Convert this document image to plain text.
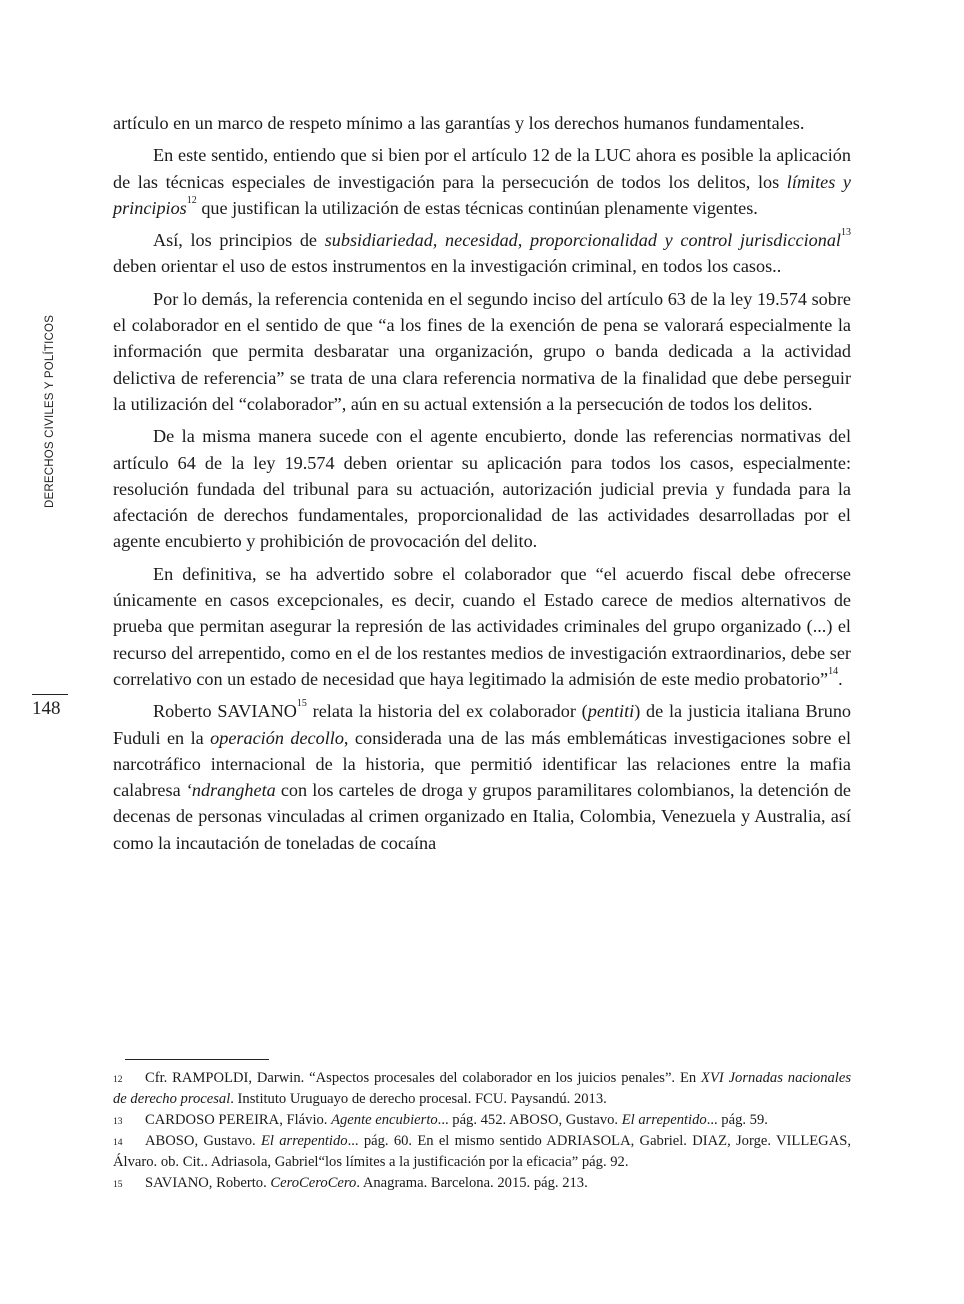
DERECHOS CIVILES Y POLÍTICOS
148

artículo en un marco de respeto mínimo a las garantías y los derechos humanos fundamentales.

En este sentido, entiendo que si bien por el artículo 12 de la LUC ahora es posible la aplicación de las técnicas especiales de investigación para la persecución de todos los delitos, los límites y principios$^{12}$ que justifican la utilización de estas técnicas continúan plenamente vigentes.

Así, los principios de subsidiariedad, necesidad, proporcionalidad y control jurisdiccional$^{13}$ deben orientar el uso de estos instrumentos en la investigación criminal, en todos los casos..

Por lo demás, la referencia contenida en el segundo inciso del artículo 63 de la ley 19.574 sobre el colaborador en el sentido de que “a los fines de la exención de pena se valorará especialmente la información que permita desbaratar una organización, grupo o banda dedicada a la actividad delictiva de referencia” se trata de una clara referencia normativa de la finalidad que debe perseguir la utilización del “colaborador”, aún en su actual extensión a la persecución de todos los delitos.

De la misma manera sucede con el agente encubierto, donde las referencias normativas del artículo 64 de la ley 19.574 deben orientar su aplicación para todos los casos, especialmente: resolución fundada del tribunal para su actuación, autorización judicial previa y fundada para la afectación de derechos fundamentales, proporcionalidad de las actividades desarrolladas por el agente encubierto y prohibición de provocación del delito.

En definitiva, se ha advertido sobre el colaborador que “el acuerdo fiscal debe ofrecerse únicamente en casos excepcionales, es decir, cuando el Estado carece de medios alternativos de prueba que permitan asegurar la represión de las actividades criminales del grupo organizado (...) el recurso del arrepentido, como en el de los restantes medios de investigación extraordinarios, debe ser correlativo con un estado de necesidad que haya legitimado la admisión de este medio probatorio”$^{14}$.

Roberto SAVIANO$^{15}$ relata la historia del ex colaborador (pentiti) de la justicia italiana Bruno Fuduli en la operación decollo, considerada una de las más emblemáticas investigaciones sobre el narcotráfico internacional de la historia, que permitió identificar las relaciones entre la mafia calabresa ‘ndrangheta con los carteles de droga y grupos paramilitares colombianos, la detención de decenas de personas vinculadas al crimen organizado en Italia, Colombia, Venezuela y Australia, así como la incautación de toneladas de cocaína

12 Cfr. RAMPOLDI, Darwin. “Aspectos procesales del colaborador en los juicios penales”. En XVI Jornadas nacionales de derecho procesal. Instituto Uruguayo de derecho procesal. FCU. Paysandú. 2013.

13 CARDOSO PEREIRA, Flávio. Agente encubierto... pág. 452. ABOSO, Gustavo. El arrepentido... pág. 59.

14 ABOSO, Gustavo. El arrepentido... pág. 60. En el mismo sentido ADRIASOLA, Gabriel. DIAZ, Jorge. VILLEGAS, Álvaro. ob. Cit.. Adriasola, Gabriel“los límites a la justificación por la eficacia” pág. 92.

15 SAVIANO, Roberto. CeroCeroCero. Anagrama. Barcelona. 2015. pág. 213.
